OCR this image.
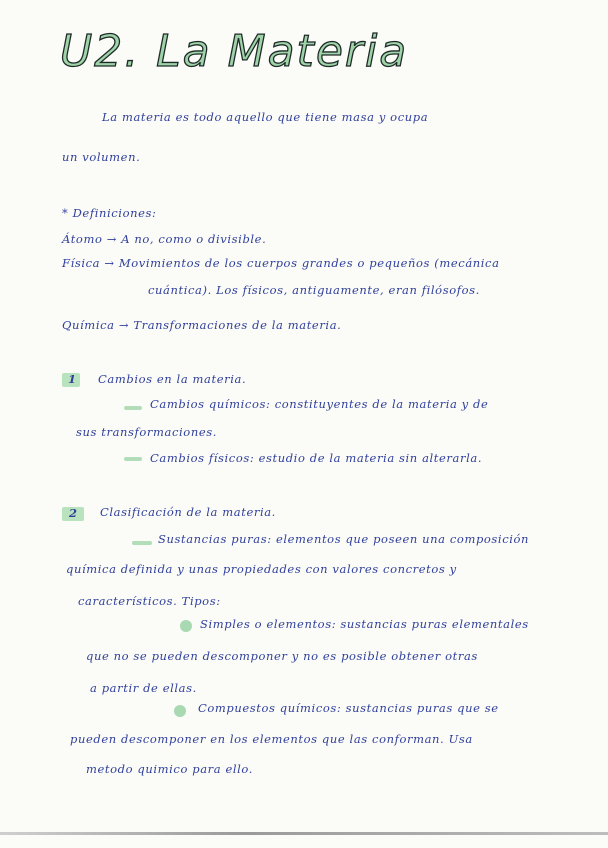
U2. La Materia
La materia es todo aquello que tiene masa y ocupa
un volumen.
* Definiciones:
Átomo → A no, como o divisible.
Física → Movimientos de los cuerpos grandes o pequeños (mecánica
cuántica). Los físicos, antiguamente, eran filósofos.
Química → Transformaciones de la materia.
1 Cambios en la materia.
Cambios químicos: constituyentes de la materia y de
sus transformaciones.
Cambios físicos: estudio de la materia sin alterarla.
2 Clasificación de la materia.
Sustancias puras: elementos que poseen una composición
química definida y unas propiedades con valores concretos y
característicos. Tipos:
Simples o elementos: sustancias puras elementales
que no se pueden descomponer y no es posible obtener otras
a partir de ellas.
Compuestos químicos: sustancias puras que se
pueden descomponer en los elementos que las conforman. Usa
metodo quimico para ello.
